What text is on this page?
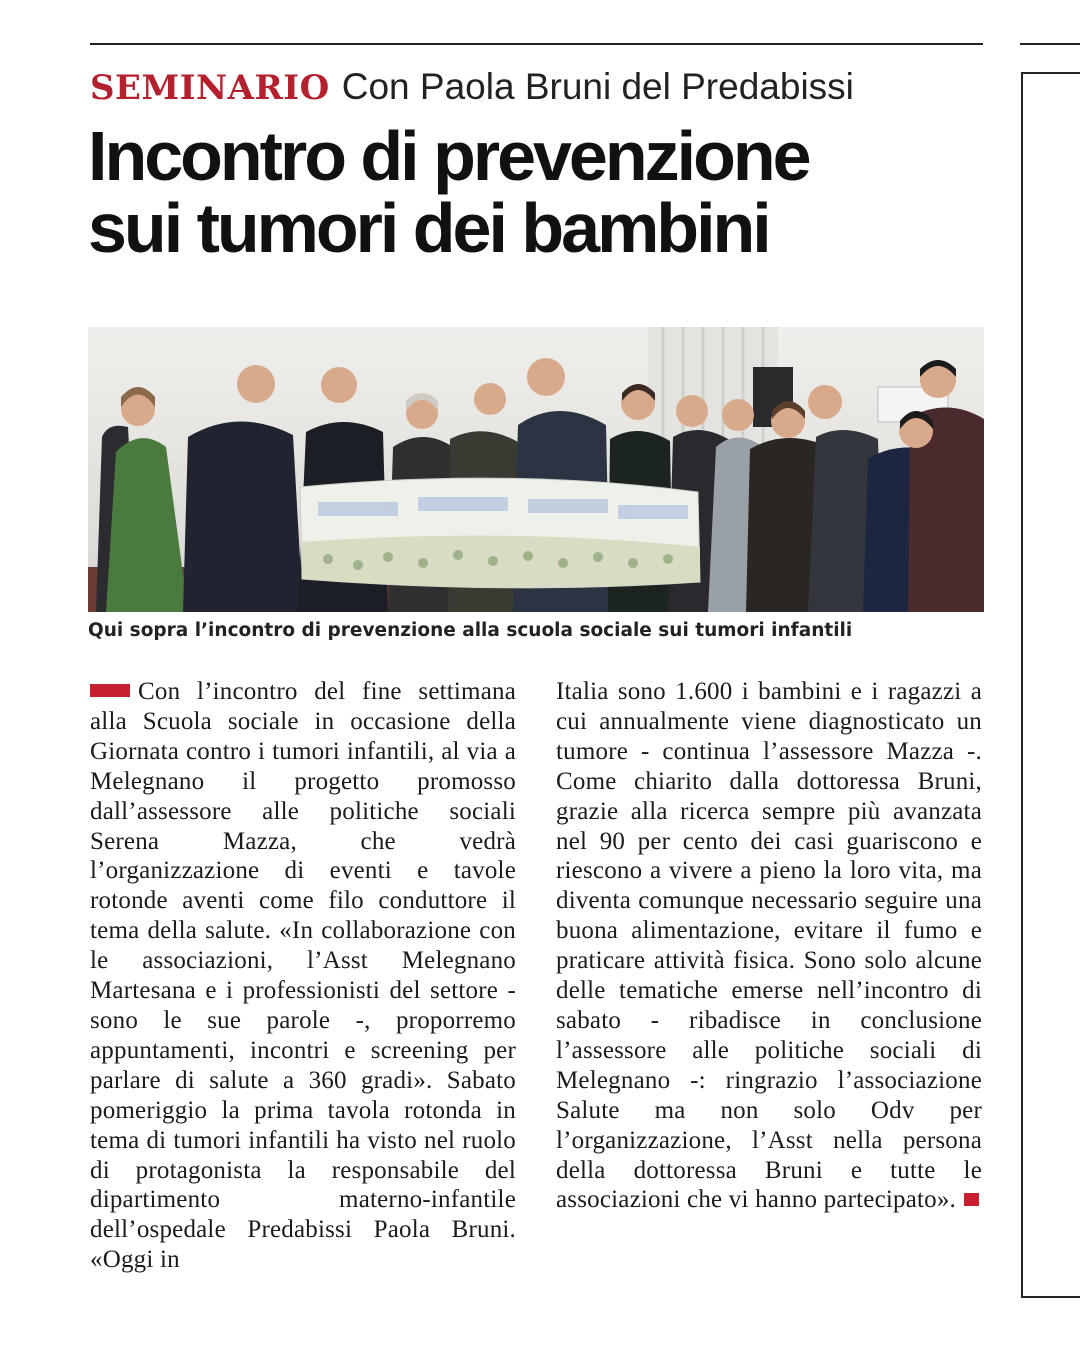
SEMINARIO Con Paola Bruni del Predabissi
Incontro di prevenzione
sui tumori dei bambini
Qui sopra l’incontro di prevenzione alla scuola sociale sui tumori infantili

Con l’incontro del fine settimana alla Scuola sociale in occasione della Giornata contro i tumori infantili, al via a Melegnano il progetto promosso dall’assessore alle politiche sociali Serena Mazza, che vedrà l’organizzazione di eventi e tavole rotonde aventi come filo conduttore il tema della salute. «In collaborazione con le associazioni, l’Asst Melegnano Martesana e i professionisti del settore - sono le sue parole -, proporremo appuntamenti, incontri e screening per parlare di salute a 360 gradi». Sabato pomeriggio la prima tavola rotonda in tema di tumori infantili ha visto nel ruolo di protagonista la responsabile del dipartimento materno-infantile dell’ospedale Predabissi Paola Bruni. «Oggi in

Italia sono 1.600 i bambini e i ragazzi a cui annualmente viene diagnosticato un tumore - continua l’assessore Mazza -. Come chiarito dalla dottoressa Bruni, grazie alla ricerca sempre più avanzata nel 90 per cento dei casi guariscono e riescono a vivere a pieno la loro vita, ma diventa comunque necessario seguire una buona alimentazione, evitare il fumo e praticare attività fisica. Sono solo alcune delle tematiche emerse nell’incontro di sabato - ribadisce in conclusione l’assessore alle politiche sociali di Melegnano -: ringrazio l’associazione Salute ma non solo Odv per l’organizzazione, l’Asst nella persona della dottoressa Bruni e tutte le associazioni che vi hanno partecipato».
